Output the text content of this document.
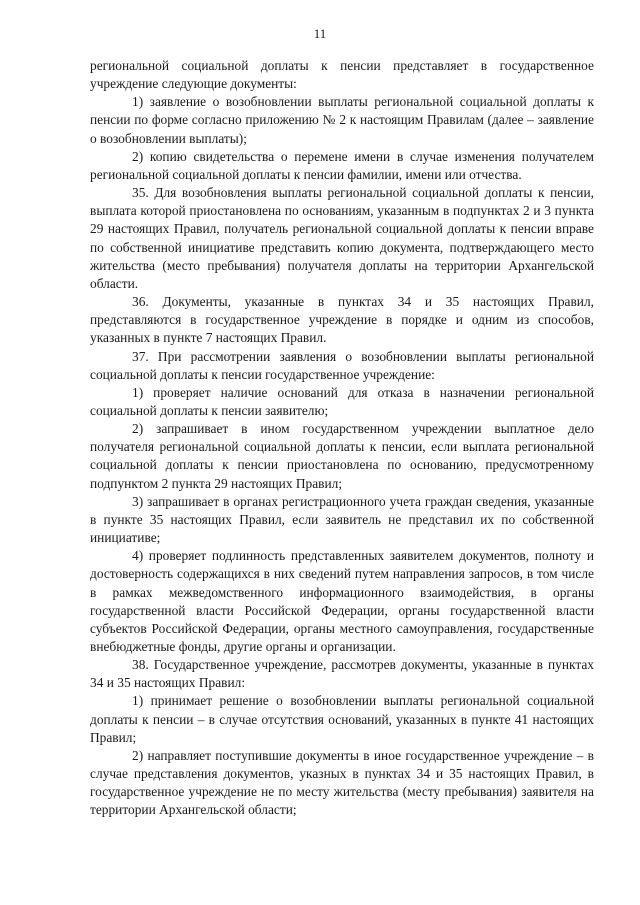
11

региональной социальной доплаты к пенсии представляет в государственное учреждение следующие документы:

1) заявление о возобновлении выплаты региональной социальной доплаты к пенсии по форме согласно приложению № 2 к настоящим Правилам (далее – заявление о возобновлении выплаты);

2) копию свидетельства о перемене имени в случае изменения получателем региональной социальной доплаты к пенсии фамилии, имени или отчества.

35. Для возобновления выплаты региональной социальной доплаты к пенсии, выплата которой приостановлена по основаниям, указанным в подпунктах 2 и 3 пункта 29 настоящих Правил, получатель региональной социальной доплаты к пенсии вправе по собственной инициативе представить копию документа, подтверждающего место жительства (место пребывания) получателя доплаты на территории Архангельской области.

36. Документы, указанные в пунктах 34 и 35 настоящих Правил, представляются в государственное учреждение в порядке и одним из способов, указанных в пункте 7 настоящих Правил.

37. При рассмотрении заявления о возобновлении выплаты региональной социальной доплаты к пенсии государственное учреждение:

1) проверяет наличие оснований для отказа в назначении региональной социальной доплаты к пенсии заявителю;

2) запрашивает в ином государственном учреждении выплатное дело получателя региональной социальной доплаты к пенсии, если выплата региональной социальной доплаты к пенсии приостановлена по основанию, предусмотренному подпунктом 2 пункта 29 настоящих Правил;

3) запрашивает в органах регистрационного учета граждан сведения, указанные в пункте 35 настоящих Правил, если заявитель не представил их по собственной инициативе;

4) проверяет подлинность представленных заявителем документов, полноту и достоверность содержащихся в них сведений путем направления запросов, в том числе в рамках межведомственного информационного взаимодействия, в органы государственной власти Российской Федерации, органы государственной власти субъектов Российской Федерации, органы местного самоуправления, государственные внебюджетные фонды, другие органы и организации.

38. Государственное учреждение, рассмотрев документы, указанные в пунктах 34 и 35 настоящих Правил:

1) принимает решение о возобновлении выплаты региональной социальной доплаты к пенсии – в случае отсутствия оснований, указанных в пункте 41 настоящих Правил;

2) направляет поступившие документы в иное государственное учреждение – в случае представления документов, указных в пунктах 34 и 35 настоящих Правил, в государственное учреждение не по месту жительства (месту пребывания) заявителя на территории Архангельской области;
